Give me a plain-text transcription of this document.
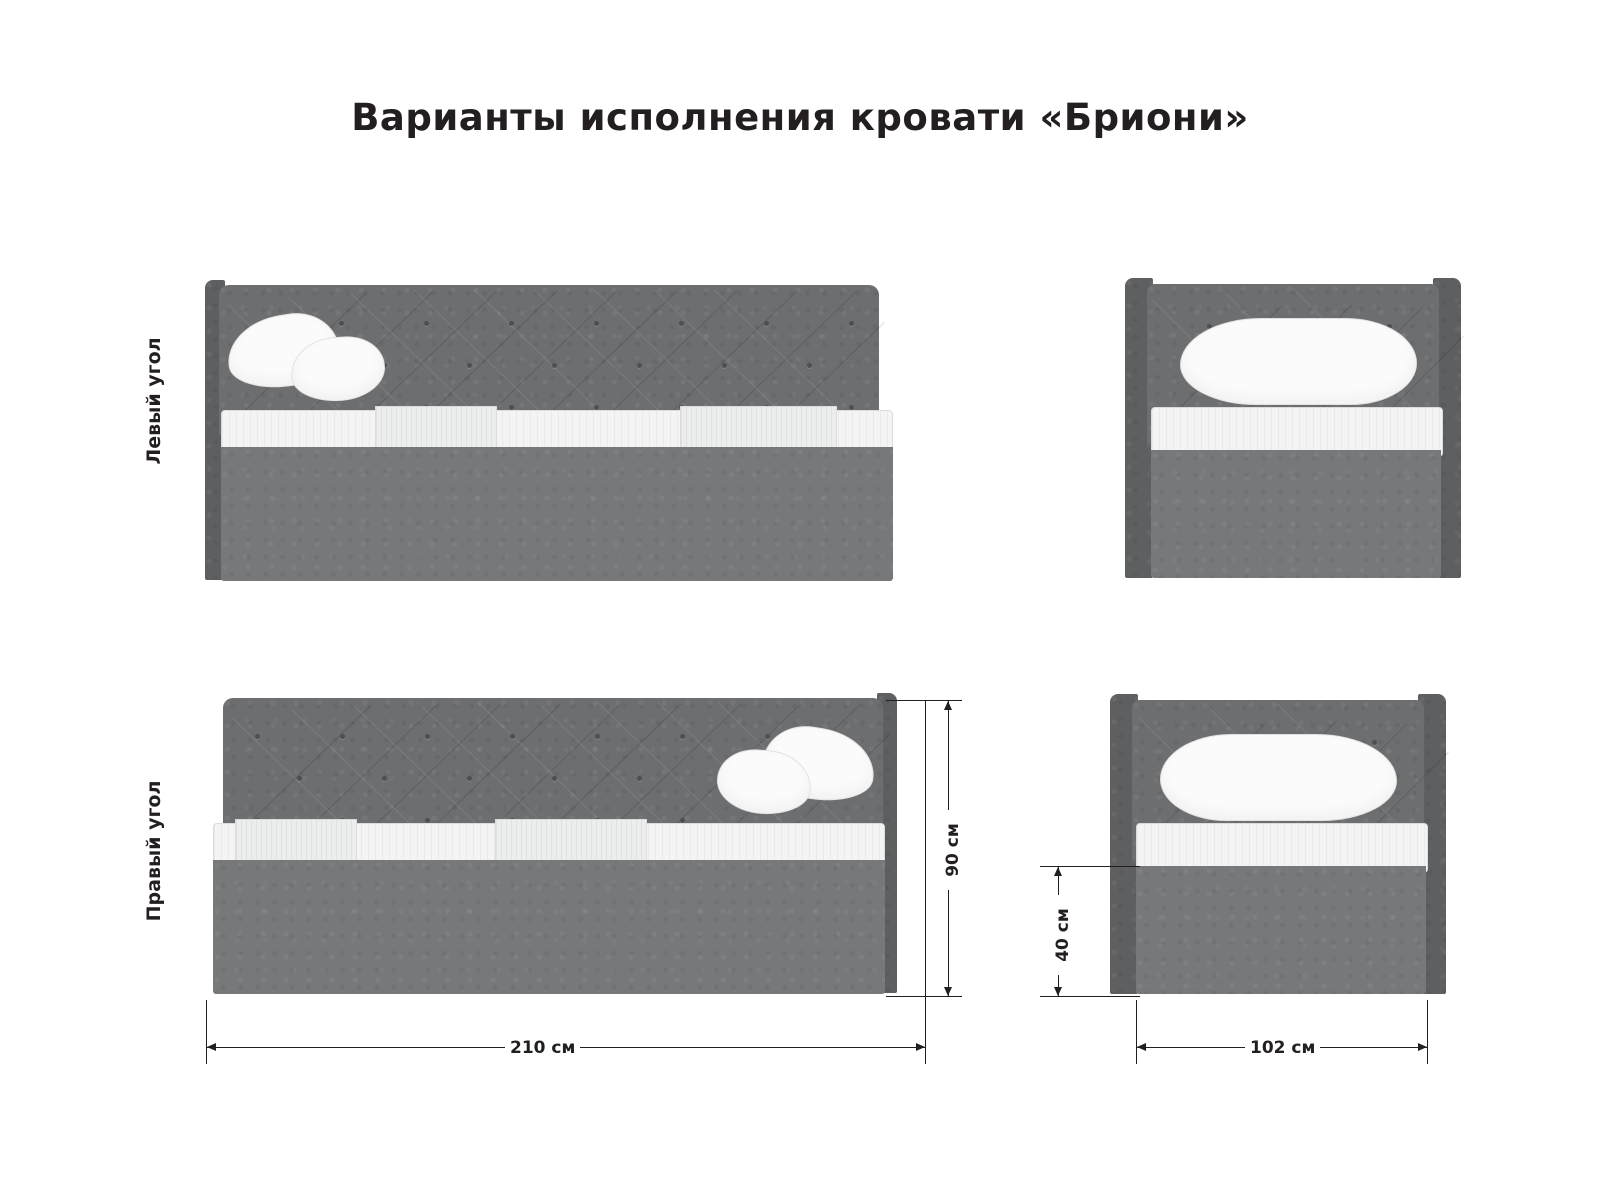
Варианты исполнения кровати «Бриони»
Левый угол
Правый угол
210 см
90 см
102 см
40 см
